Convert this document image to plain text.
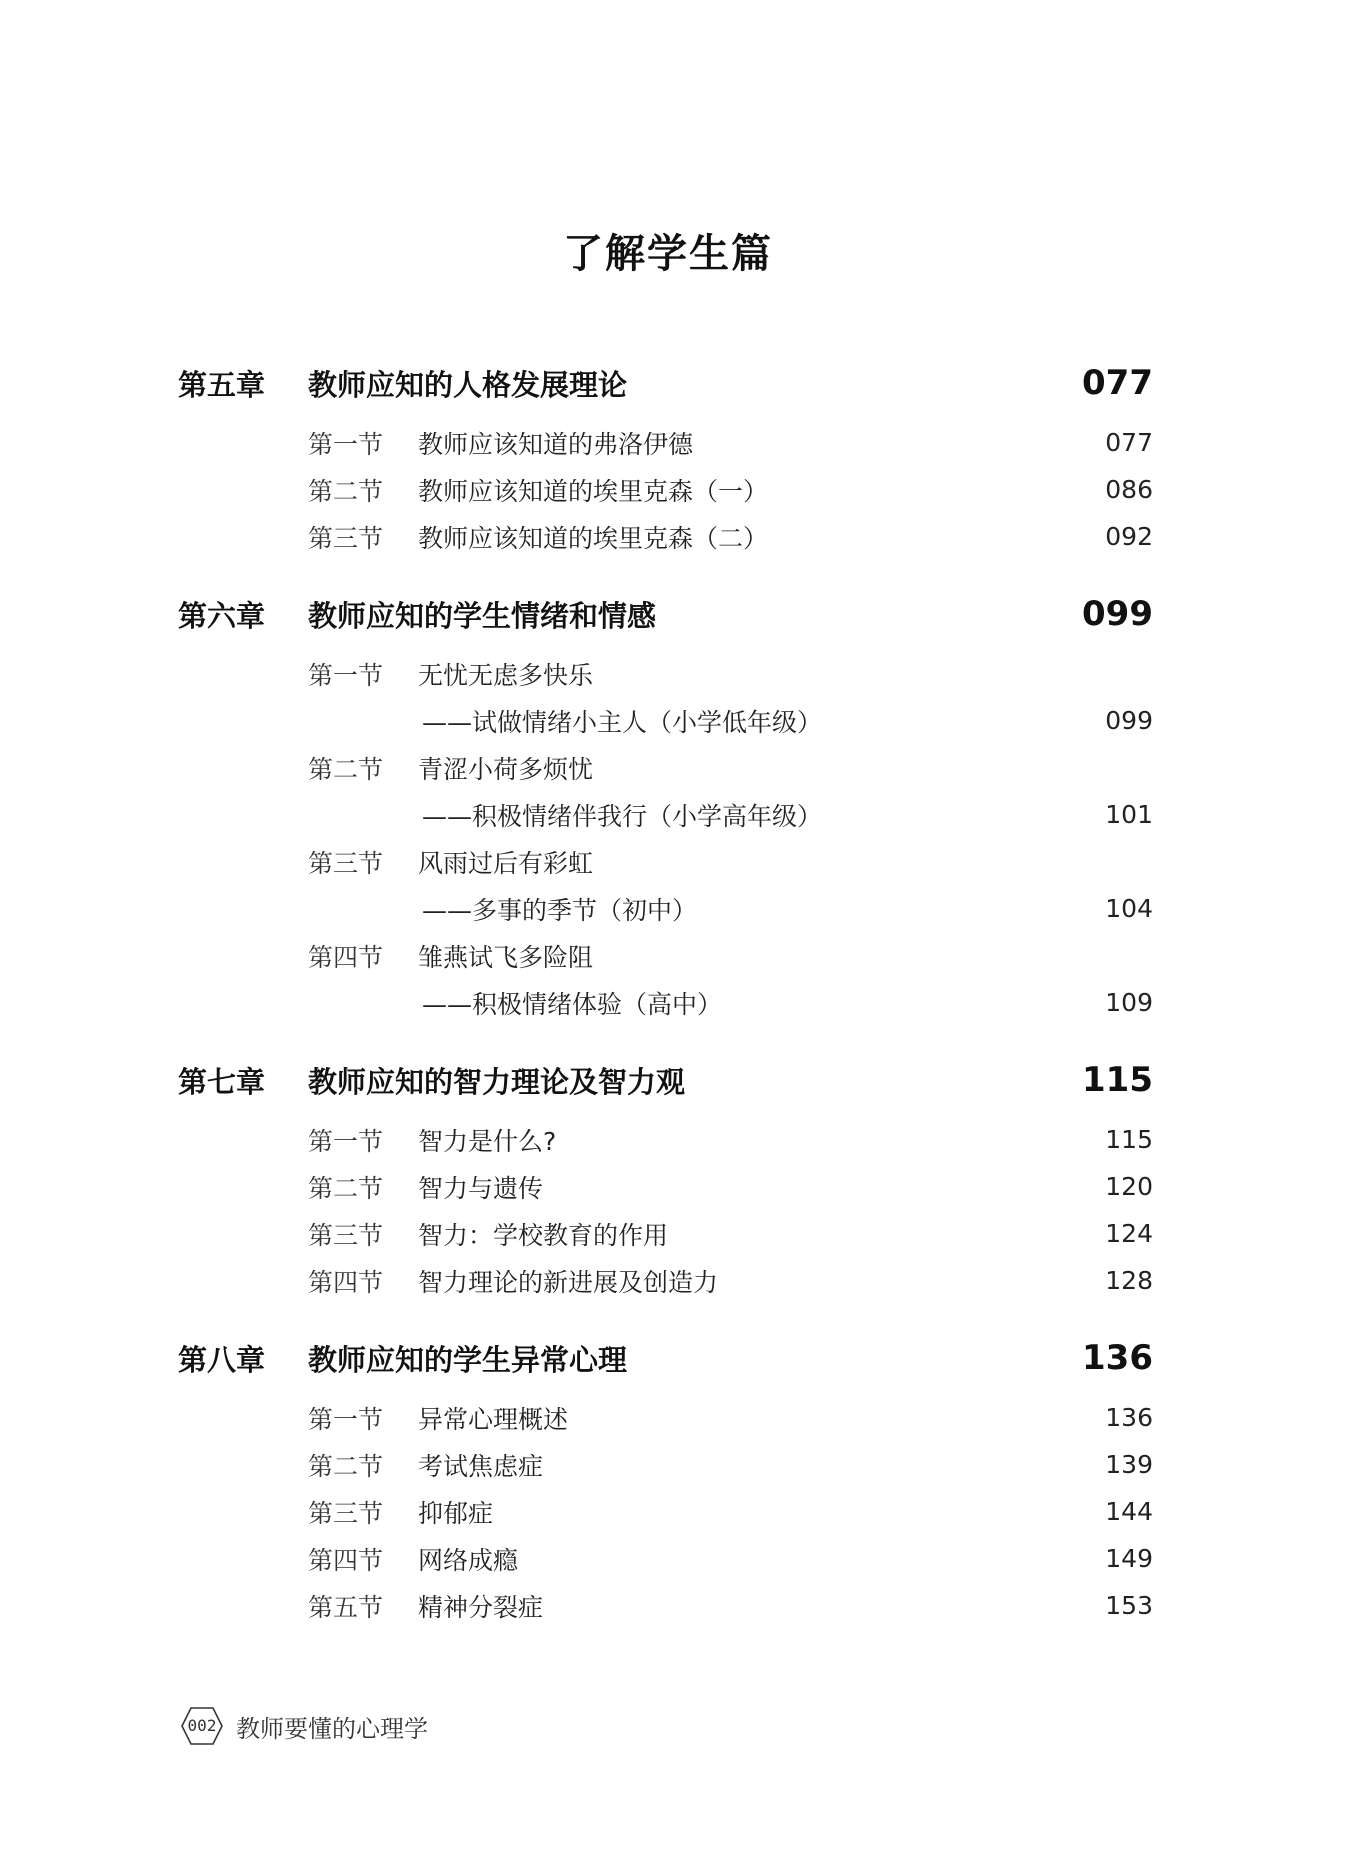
了解学生篇
第五章	教师应知的人格发展理论	077
第一节	教师应该知道的弗洛伊德	077
第二节	教师应该知道的埃里克森（一）	086
第三节	教师应该知道的埃里克森（二）	092
第六章	教师应知的学生情绪和情感	099
第一节	无忧无虑多快乐
——试做情绪小主人（小学低年级）	099
第二节	青涩小荷多烦忧
——积极情绪伴我行（小学高年级）	101
第三节	风雨过后有彩虹
——多事的季节（初中）	104
第四节	雏燕试飞多险阻
——积极情绪体验（高中）	109
第七章	教师应知的智力理论及智力观	115
第一节	智力是什么?	115
第二节	智力与遗传	120
第三节	智力：学校教育的作用	124
第四节	智力理论的新进展及创造力	128
第八章	教师应知的学生异常心理	136
第一节	异常心理概述	136
第二节	考试焦虑症	139
第三节	抑郁症	144
第四节	网络成瘾	149
第五节	精神分裂症	153
002 教师要懂的心理学
